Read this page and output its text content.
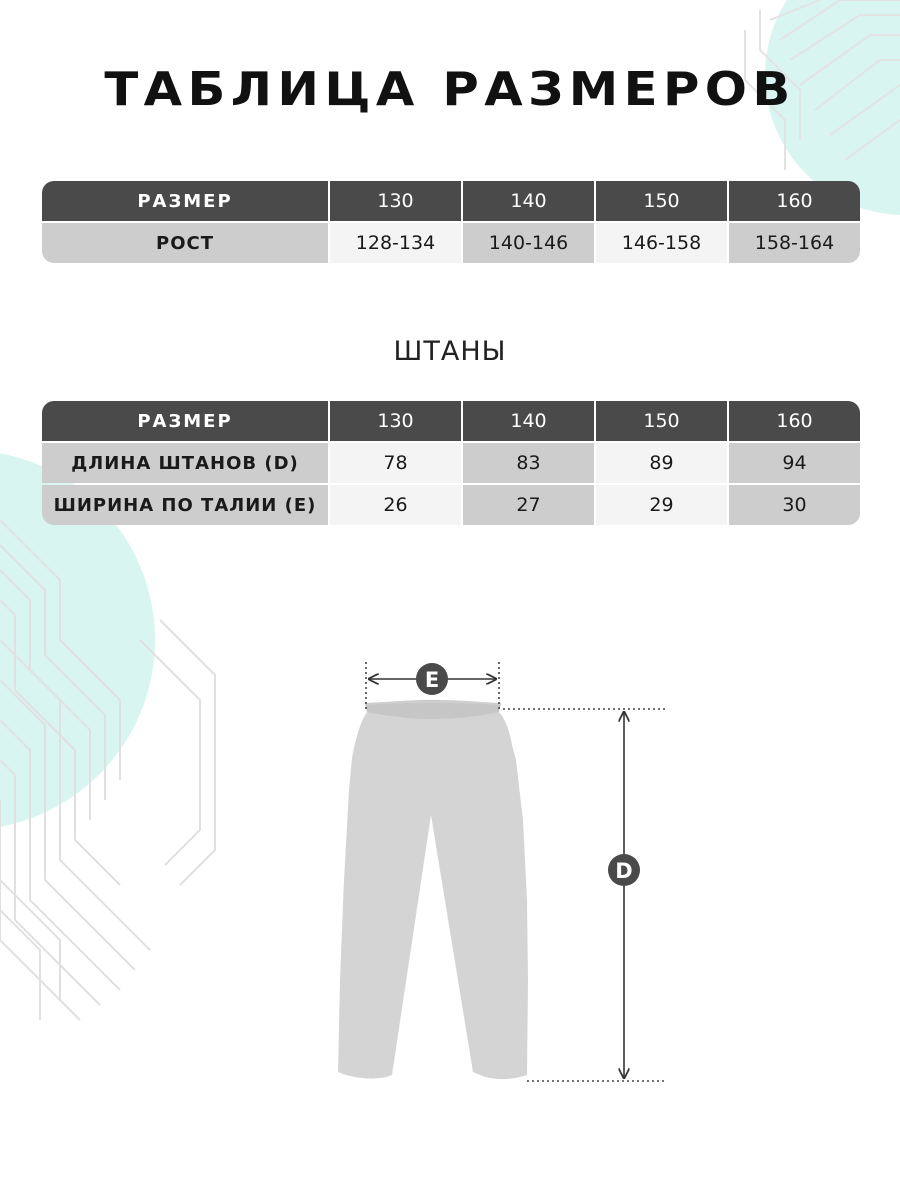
ТАБЛИЦА РАЗМЕРОВ
РАЗМЕР	130	140	150	160
РОСТ	128-134	140-146	146-158	158-164
ШТАНЫ
РАЗМЕР	130	140	150	160
ДЛИНА ШТАНОВ (D)	78	83	89	94
ШИРИНА ПО ТАЛИИ (E)	26	27	29	30
E
D
